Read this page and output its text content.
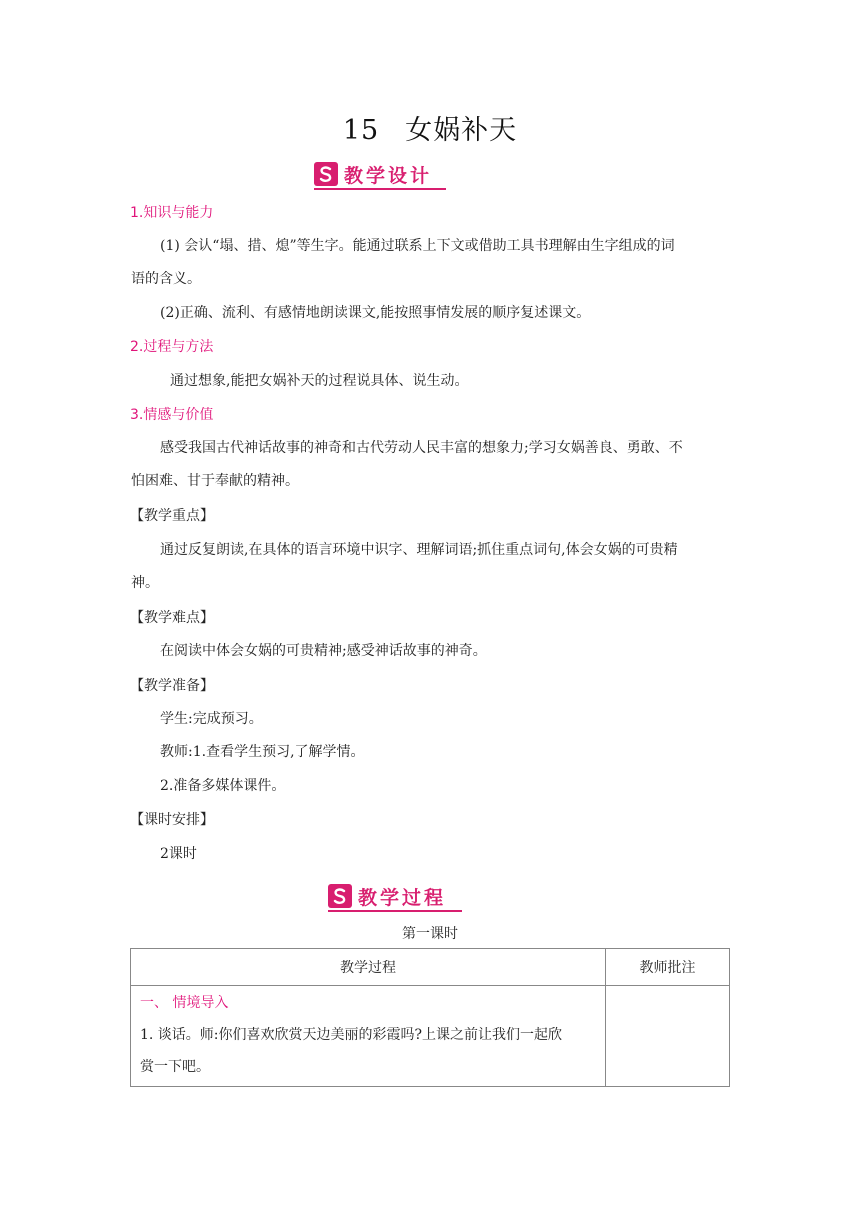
15 女娲补天
教学设计
1.知识与能力
(1) 会认“塌、措、熄”等生字。能通过联系上下文或借助工具书理解由生字组成的词
语的含义。
(2)正确、流利、有感情地朗读课文,能按照事情发展的顺序复述课文。
2.过程与方法
通过想象,能把女娲补天的过程说具体、说生动。
3.情感与价值
感受我国古代神话故事的神奇和古代劳动人民丰富的想象力;学习女娲善良、勇敢、不
怕困难、甘于奉献的精神。
【教学重点】
通过反复朗读,在具体的语言环境中识字、理解词语;抓住重点词句,体会女娲的可贵精
神。
【教学难点】
在阅读中体会女娲的可贵精神;感受神话故事的神奇。
【教学准备】
学生:完成预习。
教师:1.查看学生预习,了解学情。
2.准备多媒体课件。
【课时安排】
2课时
教学过程
第一课时
教学过程	教师批注

一、 情境导入
1. 谈话。师:你们喜欢欣赏天边美丽的彩霞吗?上课之前让我们一起欣
赏一下吧。	
